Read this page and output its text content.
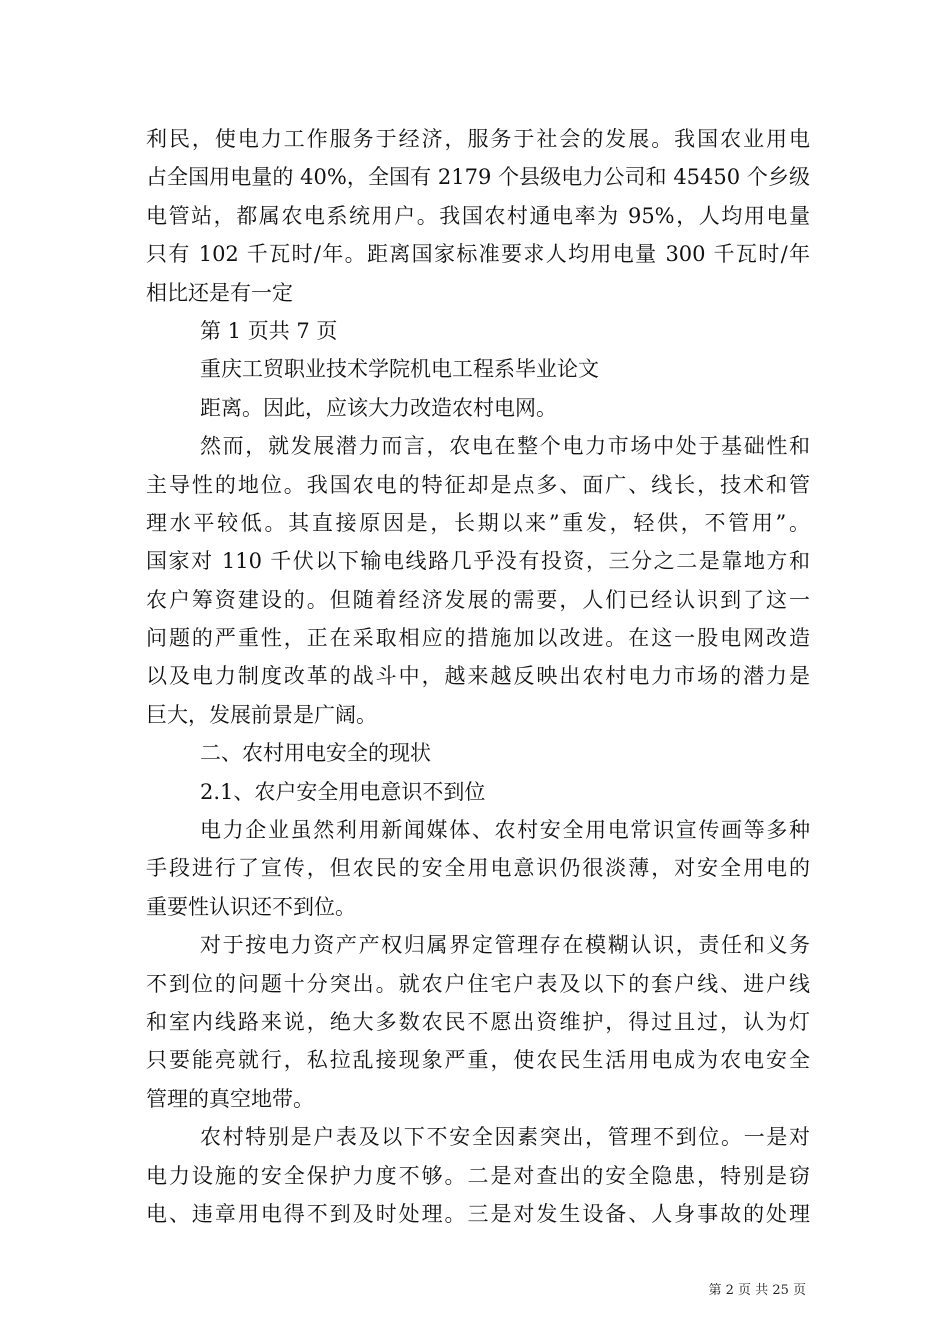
利民，使电力工作服务于经济，服务于社会的发展。我国农业用电
占全国用电量的 40%，全国有 2179 个县级电力公司和 45450 个乡级
电管站，都属农电系统用户。我国农村通电率为 95%，人均用电量
只有 102 千瓦时/年。距离国家标准要求人均用电量 300 千瓦时/年
相比还是有一定
第 1 页共 7 页
重庆工贸职业技术学院机电工程系毕业论文
距离。因此，应该大力改造农村电网。
然而，就发展潜力而言，农电在整个电力市场中处于基础性和
主导性的地位。我国农电的特征却是点多、面广、线长，技术和管
理水平较低。其直接原因是，长期以来”重发，轻供，不管用”。
国家对 110 千伏以下输电线路几乎没有投资，三分之二是靠地方和
农户筹资建设的。但随着经济发展的需要，人们已经认识到了这一
问题的严重性，正在采取相应的措施加以改进。在这一股电网改造
以及电力制度改革的战斗中，越来越反映出农村电力市场的潜力是
巨大，发展前景是广阔。
二、农村用电安全的现状
2.1、农户安全用电意识不到位
电力企业虽然利用新闻媒体、农村安全用电常识宣传画等多种
手段进行了宣传，但农民的安全用电意识仍很淡薄，对安全用电的
重要性认识还不到位。
对于按电力资产产权归属界定管理存在模糊认识，责任和义务
不到位的问题十分突出。就农户住宅户表及以下的套户线、进户线
和室内线路来说，绝大多数农民不愿出资维护，得过且过，认为灯
只要能亮就行，私拉乱接现象严重，使农民生活用电成为农电安全
管理的真空地带。
农村特别是户表及以下不安全因素突出，管理不到位。一是对
电力设施的安全保护力度不够。二是对查出的安全隐患，特别是窃
电、违章用电得不到及时处理。三是对发生设备、人身事故的处理
第 2 页 共 25 页
